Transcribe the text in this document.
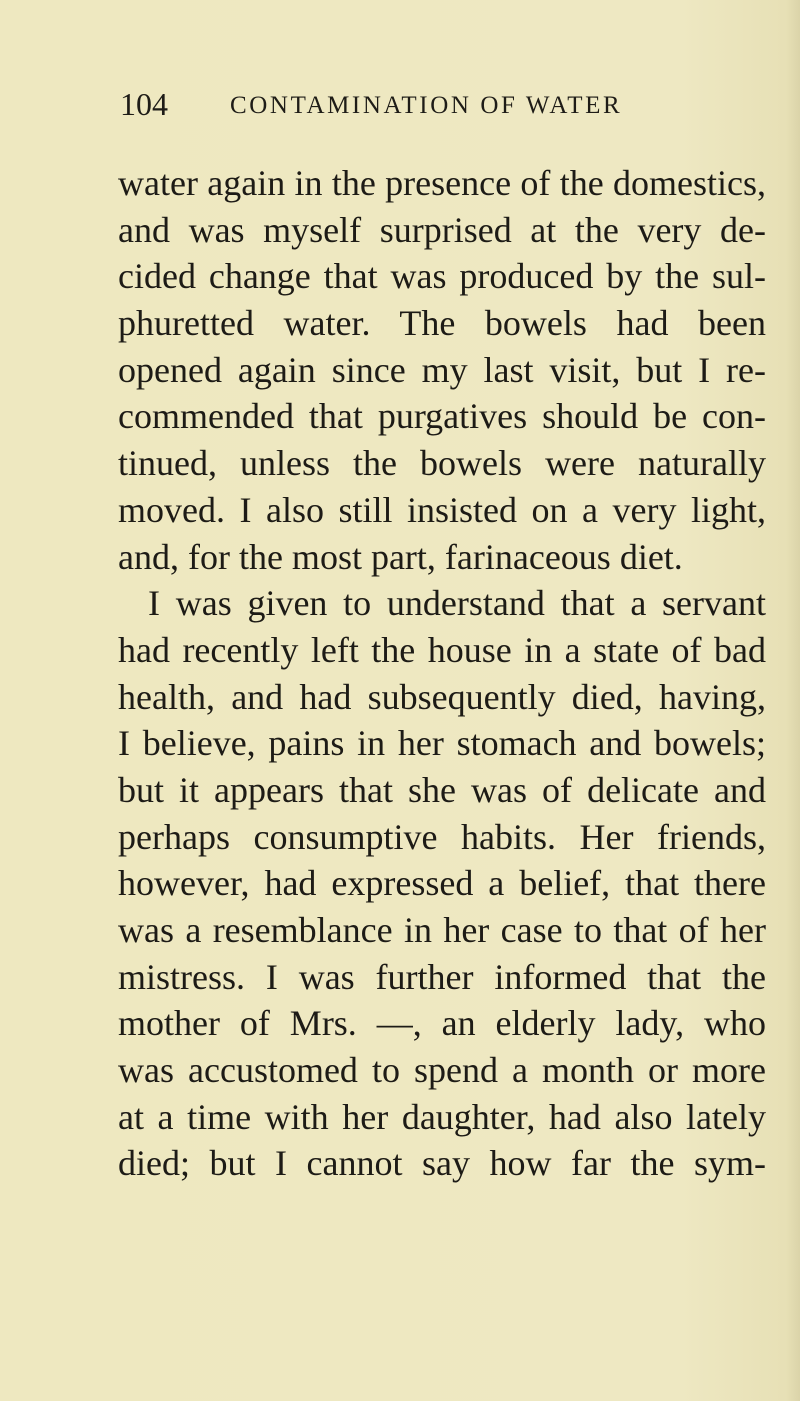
104 CONTAMINATION OF WATER
water again in the presence of the domestics,
and was myself surprised at the very de-
cided change that was produced by the sul-
phuretted water. The bowels had been
opened again since my last visit, but I re-
commended that purgatives should be con-
tinued, unless the bowels were naturally
moved. I also still insisted on a very light,
and, for the most part, farinaceous diet.
I was given to understand that a servant
had recently left the house in a state of bad
health, and had subsequently died, having,
I believe, pains in her stomach and bowels;
but it appears that she was of delicate and
perhaps consumptive habits. Her friends,
however, had expressed a belief, that there
was a resemblance in her case to that of her
mistress. I was further informed that the
mother of Mrs. —, an elderly lady, who
was accustomed to spend a month or more
at a time with her daughter, had also lately
died; but I cannot say how far the sym-
